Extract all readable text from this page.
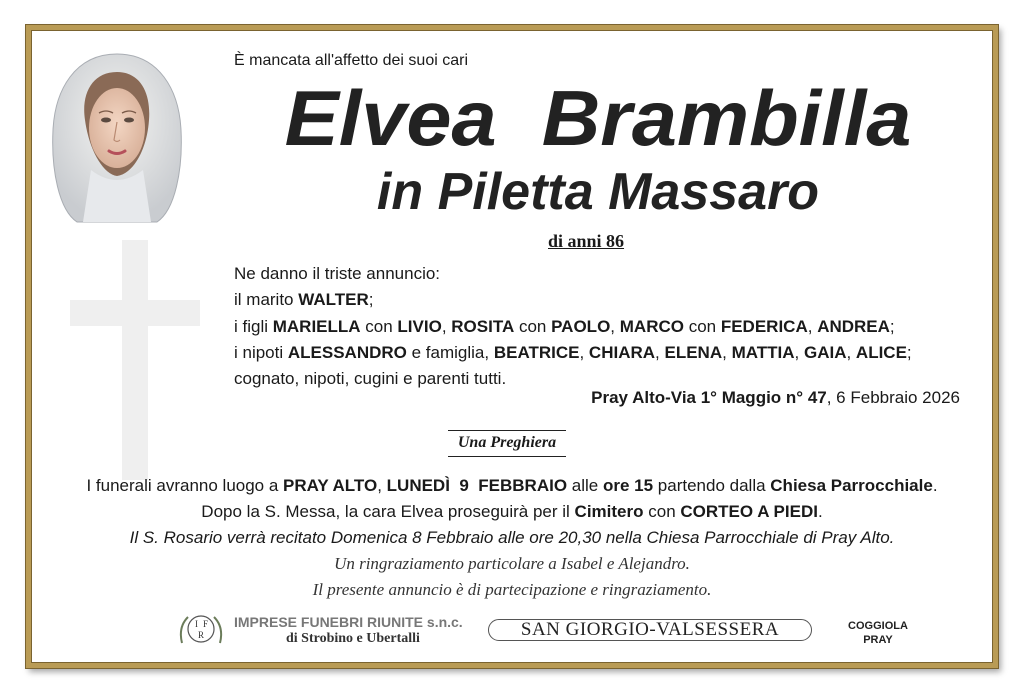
È mancata all'affetto dei suoi cari
Elvea Brambilla
in Piletta Massaro
di anni 86
Ne danno il triste annuncio:
il marito WALTER;
i figli MARIELLA con LIVIO, ROSITA con PAOLO, MARCO con FEDERICA, ANDREA;
i nipoti ALESSANDRO e famiglia, BEATRICE, CHIARA, ELENA, MATTIA, GAIA, ALICE;
cognato, nipoti, cugini e parenti tutti.
Pray Alto-Via 1° Maggio n° 47, 6 Febbraio 2026
Una Preghiera
I funerali avranno luogo a PRAY ALTO, LUNEDÌ  9  FEBBRAIO alle ore 15 partendo dalla Chiesa Parrocchiale.
Dopo la S. Messa, la cara Elvea proseguirà per il Cimitero con CORTEO A PIEDI.
Il S. Rosario verrà recitato Domenica 8 Febbraio alle ore 20,30 nella Chiesa Parrocchiale di Pray Alto.
Un ringraziamento particolare a Isabel e Alejandro.
Il presente annuncio è di partecipazione e ringraziamento.
I F
R
IMPRESE FUNEBRI RIUNITE s.n.c.
di Strobino e Ubertalli	SAN GIORGIO-VALSESSERA	COGGIOLA
PRAY
